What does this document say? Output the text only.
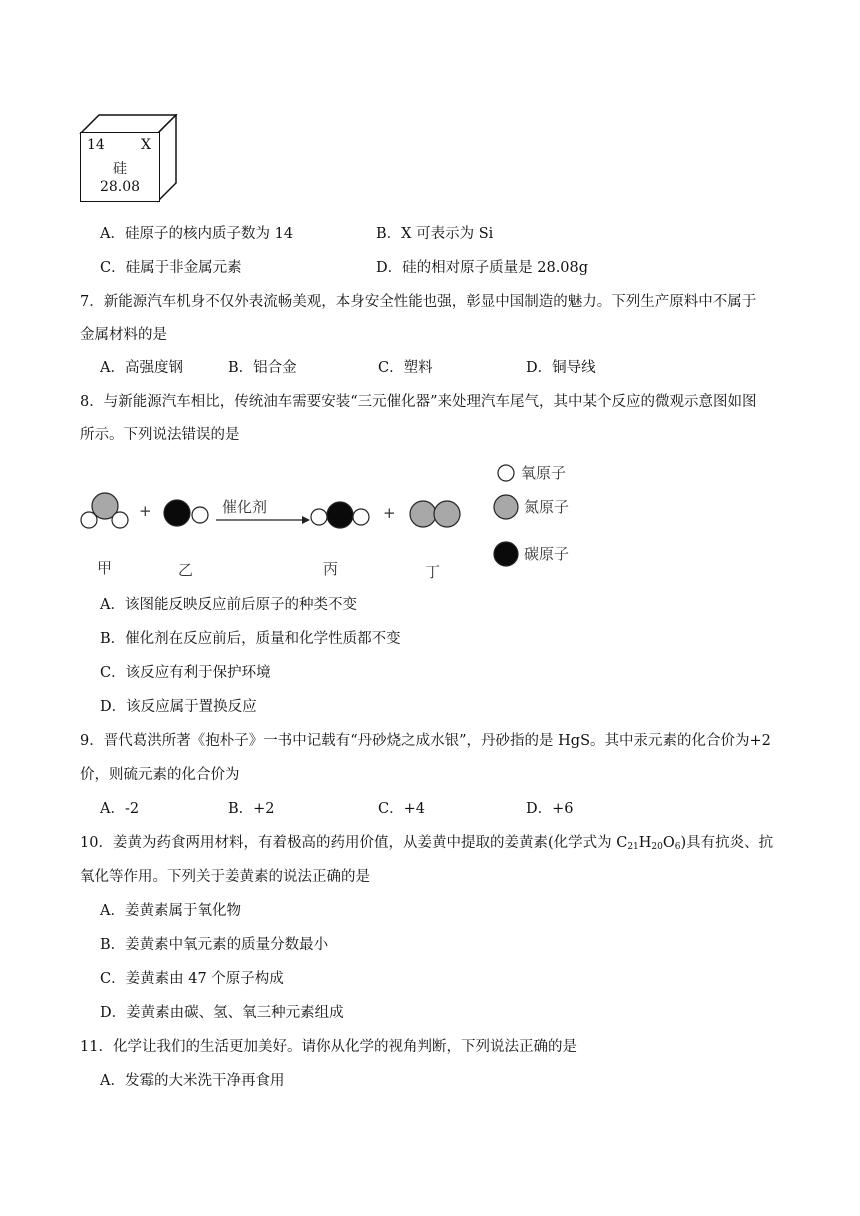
14	X
硅
28.08
A．硅原子的核内质子数为 14	B．X 可表示为 Si
C．硅属于非金属元素	D．硅的相对原子质量是 28.08g
7．新能源汽车机身不仅外表流畅美观，本身安全性能也强，彰显中国制造的魅力。下列生产原料中不属于
金属材料的是
A．高强度钢	B．铝合金	C．塑料	D．铜导线
8．与新能源汽车相比，传统油车需要安装“三元催化器”来处理汽车尾气，其中某个反应的微观示意图如图
所示。下列说法错误的是
+	催化剂	+
甲	乙	丙	丁
氧原子
氮原子
碳原子
A．该图能反映反应前后原子的种类不变
B．催化剂在反应前后，质量和化学性质都不变
C．该反应有利于保护环境
D．该反应属于置换反应
9．晋代葛洪所著《抱朴子》一书中记载有“丹砂烧之成水银”，丹砂指的是 HgS。其中汞元素的化合价为+2
价，则硫元素的化合价为
A．-2	B．+2	C．+4	D．+6
10．姜黄为药食两用材料，有着极高的药用价值，从姜黄中提取的姜黄素(化学式为 $C_{21}H_{20}O_6$)具有抗炎、抗
氧化等作用。下列关于姜黄素的说法正确的是
A．姜黄素属于氧化物
B．姜黄素中氧元素的质量分数最小
C．姜黄素由 47 个原子构成
D．姜黄素由碳、氢、氧三种元素组成
11．化学让我们的生活更加美好。请你从化学的视角判断，下列说法正确的是
A．发霉的大米洗干净再食用
